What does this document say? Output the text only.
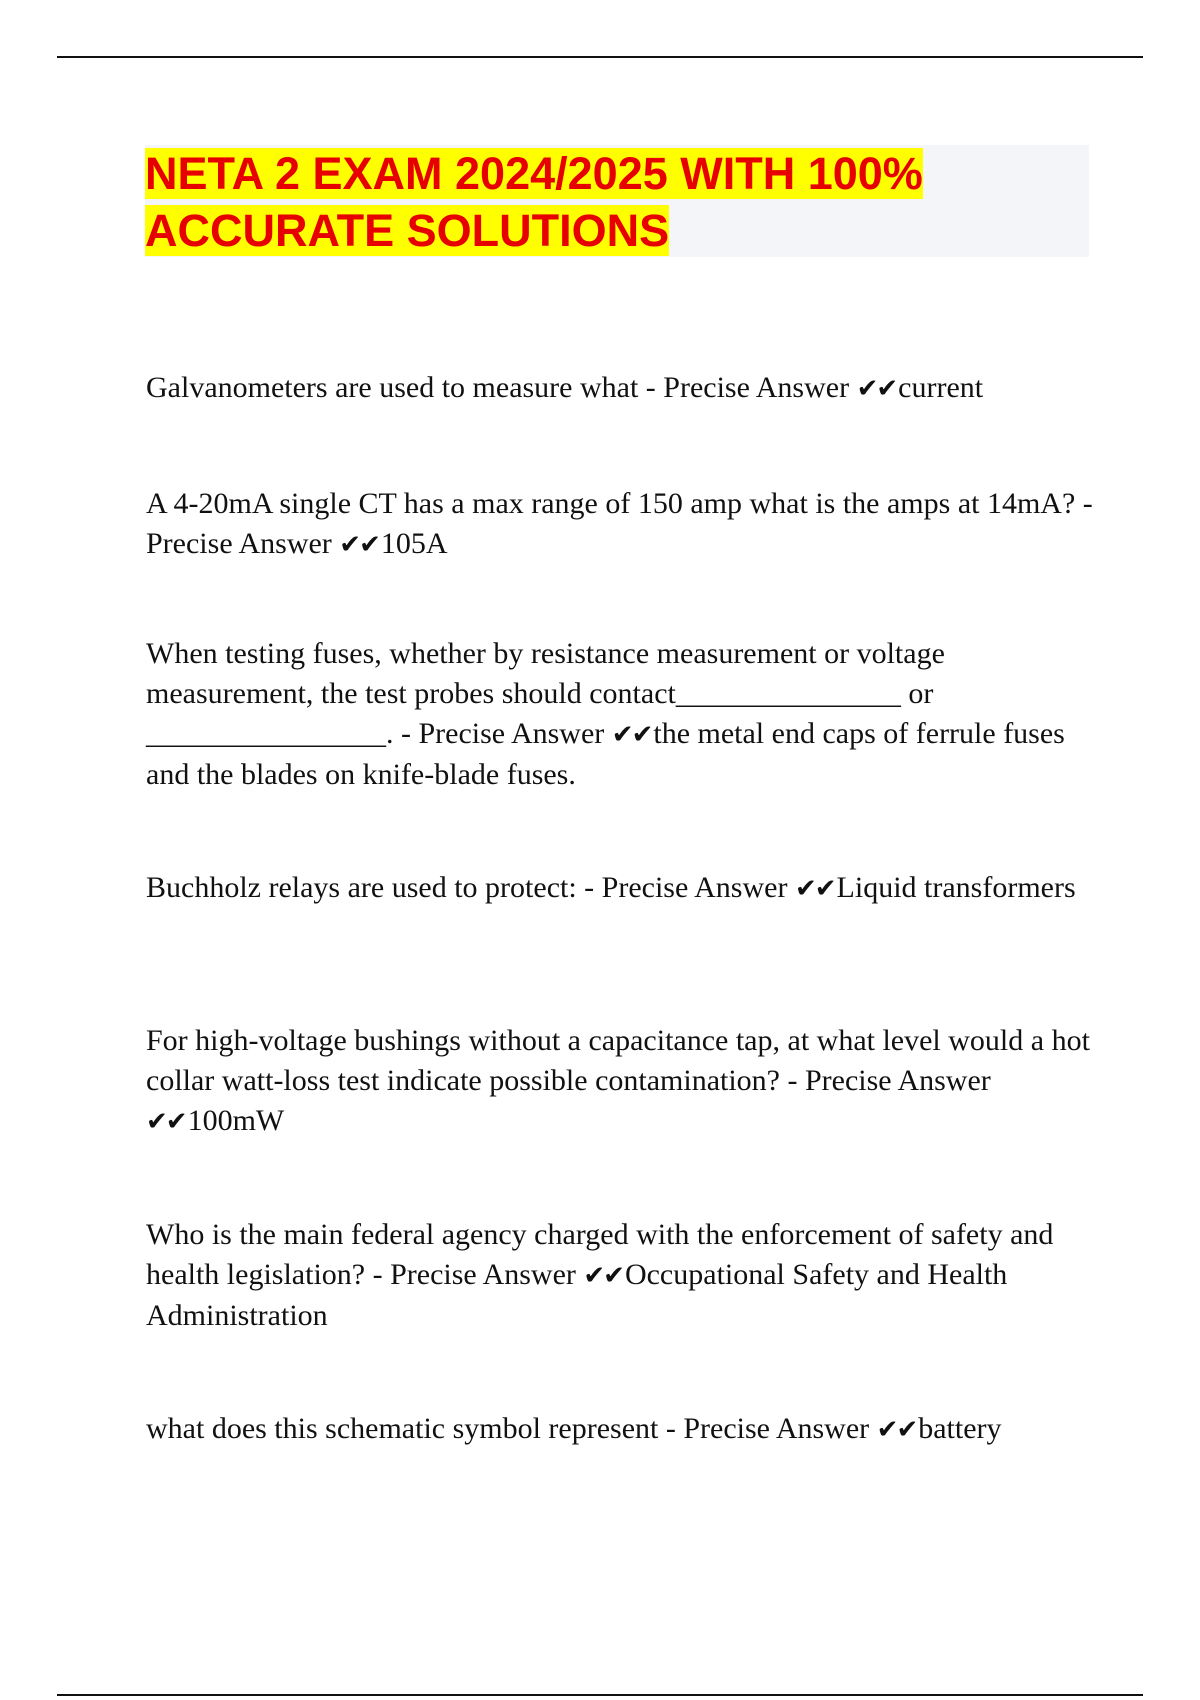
NETA 2 EXAM 2024/2025 WITH 100%
ACCURATE SOLUTIONS

Galvanometers are used to measure what - Precise Answer ✔✔current

A 4-20mA single CT has a max range of 150 amp what is the amps at 14mA? - Precise Answer ✔✔105A

When testing fuses, whether by resistance measurement or voltage measurement, the test probes should contact_______________ or ________________. - Precise Answer ✔✔the metal end caps of ferrule fuses and the blades on knife-blade fuses.

Buchholz relays are used to protect: - Precise Answer ✔✔Liquid transformers

For high-voltage bushings without a capacitance tap, at what level would a hot collar watt-loss test indicate possible contamination? - Precise Answer ✔✔100mW

Who is the main federal agency charged with the enforcement of safety and health legislation? - Precise Answer ✔✔Occupational Safety and Health Administration

what does this schematic symbol represent - Precise Answer ✔✔battery
